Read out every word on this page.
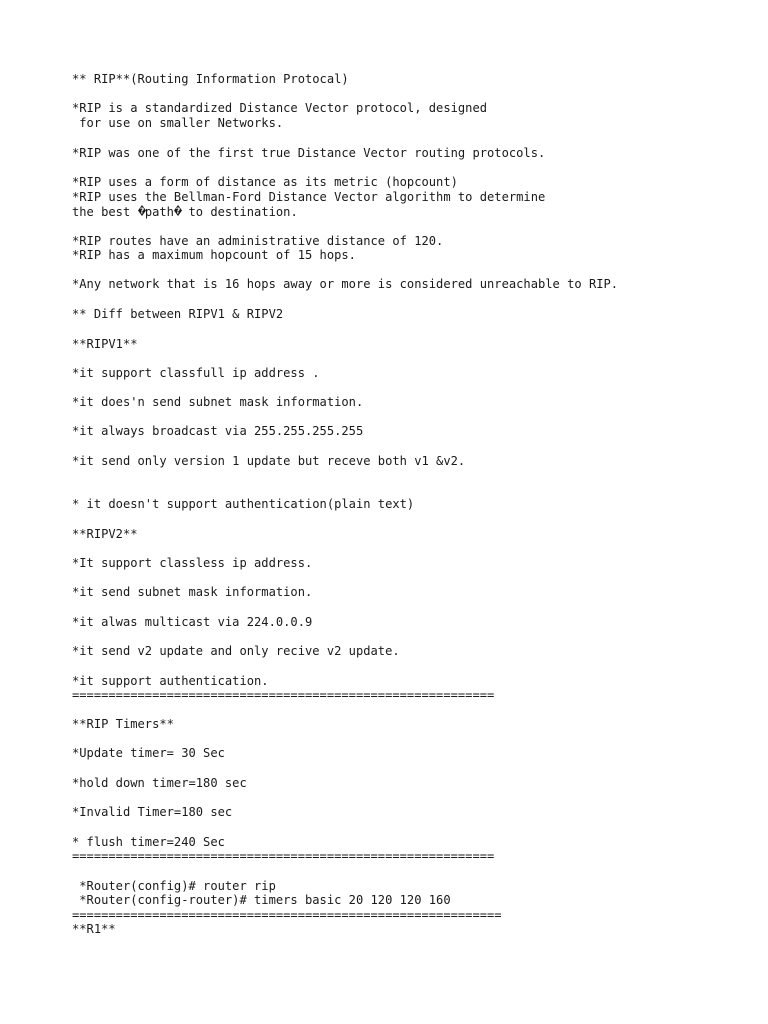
** RIP**(Routing Information Protocal)

*RIP is a standardized Distance Vector protocol, designed

for use on smaller Networks.

*RIP was one of the first true Distance Vector routing protocols.

*RIP uses a form of distance as its metric (hopcount)

*RIP uses the Bellman-Ford Distance Vector algorithm to determine

the best ? path ? to destination.

*RIP routes have an administrative distance of 120.

*RIP has a maximum hopcount of 15 hops.

*Any network that is 16 hops away or more is considered unreachable to RIP.

** Diff between RIPV1 & RIPV2

**RIPV1**

*it support classfull ip address .

*it does'n send subnet mask information.

*it always broadcast via 255.255.255.255

*it send only version 1 update but receve both v1 &v2.

* it doesn't support authentication(plain text)

**RIPV2**

*It support classless ip address.

*it send subnet mask information.

*it alwas multicast via 224.0.0.9

*it send v2 update and only recive v2 update.

*it support authentication.

==========================================================

**RIP Timers**

*Update timer= 30 Sec

*hold down timer=180 sec

*Invalid Timer=180 sec

* flush timer=240 Sec

==========================================================

*Router(config)# router rip

*Router(config-router)# timers basic 20 120 120 160

===========================================================

**R1**
